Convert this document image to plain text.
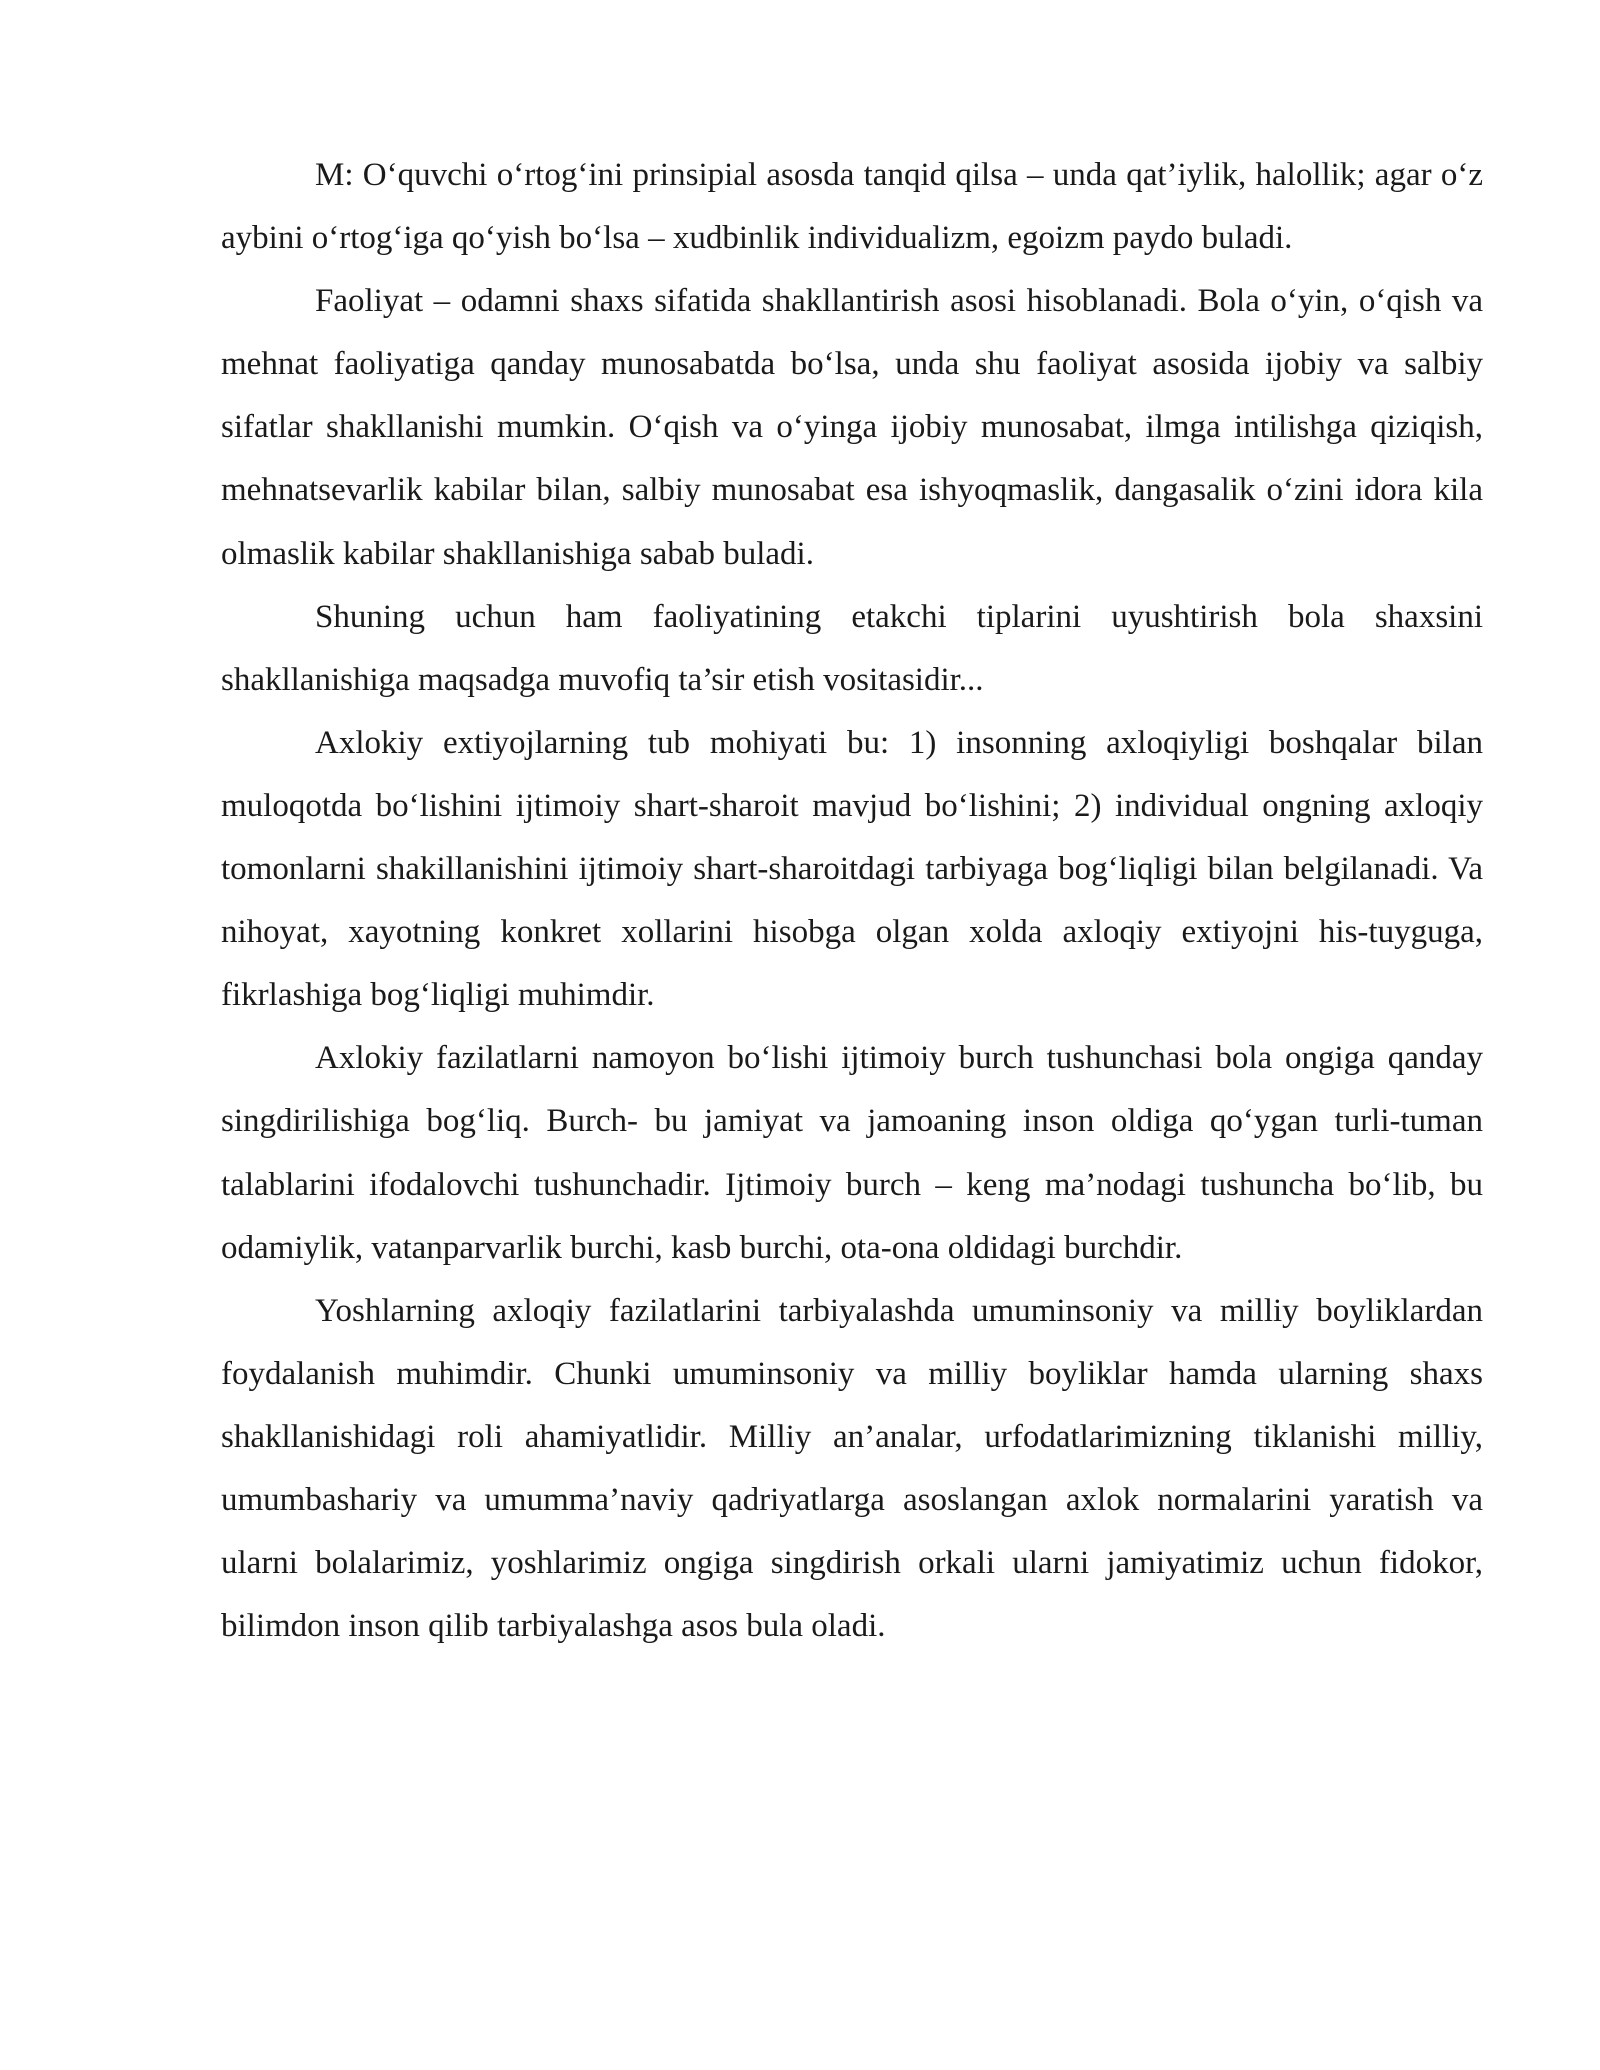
M: O‘quvchi o‘rtog‘ini prinsipial asosda tanqid qilsa – unda qat’iylik, halollik; agar o‘z aybini o‘rtog‘iga qo‘yish bo‘lsa – xudbinlik individualizm, egoizm paydo buladi.

Faoliyat – odamni shaxs sifatida shakllantirish asosi hisoblanadi. Bola o‘yin, o‘qish va mehnat faoliyatiga qanday munosabatda bo‘lsa, unda shu faoliyat asosida ijobiy va salbiy sifatlar shakllanishi mumkin. O‘qish va o‘yinga ijobiy munosabat, ilmga intilishga qiziqish, mehnatsevarlik kabilar bilan, salbiy munosabat esa ishyoqmaslik, dangasalik o‘zini idora kila olmaslik kabilar shakllanishiga sabab buladi.

Shuning uchun ham faoliyatining etakchi tiplarini uyushtirish bola shaxsini shakllanishiga maqsadga muvofiq ta’sir etish vositasidir...

Axlokiy extiyojlarning tub mohiyati bu: 1) insonning axloqiyligi boshqalar bilan muloqotda bo‘lishini ijtimoiy shart-sharoit mavjud bo‘lishini; 2) individual ongning axloqiy tomonlarni shakillanishini ijtimoiy shart-sharoitdagi tarbiyaga bog‘liqligi bilan belgilanadi. Va nihoyat, xayotning konkret xollarini hisobga olgan xolda axloqiy extiyojni his-tuyguga, fikrlashiga bog‘liqligi muhimdir.

Axlokiy fazilatlarni namoyon bo‘lishi ijtimoiy burch tushunchasi bola ongiga qanday singdirilishiga bog‘liq. Burch- bu jamiyat va jamoaning inson oldiga qo‘ygan turli-tuman talablarini ifodalovchi tushunchadir. Ijtimoiy burch – keng ma’nodagi tushuncha bo‘lib, bu odamiylik, vatanparvarlik burchi, kasb burchi, ota-ona oldidagi burchdir.

Yoshlarning axloqiy fazilatlarini tarbiyalashda umuminsoniy va milliy boyliklardan foydalanish muhimdir. Chunki umuminsoniy va milliy boyliklar hamda ularning shaxs shakllanishidagi roli ahamiyatlidir. Milliy an’analar, urfodatlarimizning tiklanishi milliy, umumbashariy va umumma’naviy qadriyatlarga asoslangan axlok normalarini yaratish va ularni bolalarimiz, yoshlarimiz ongiga singdirish orkali ularni jamiyatimiz uchun fidokor, bilimdon inson qilib tarbiyalashga asos bula oladi.
